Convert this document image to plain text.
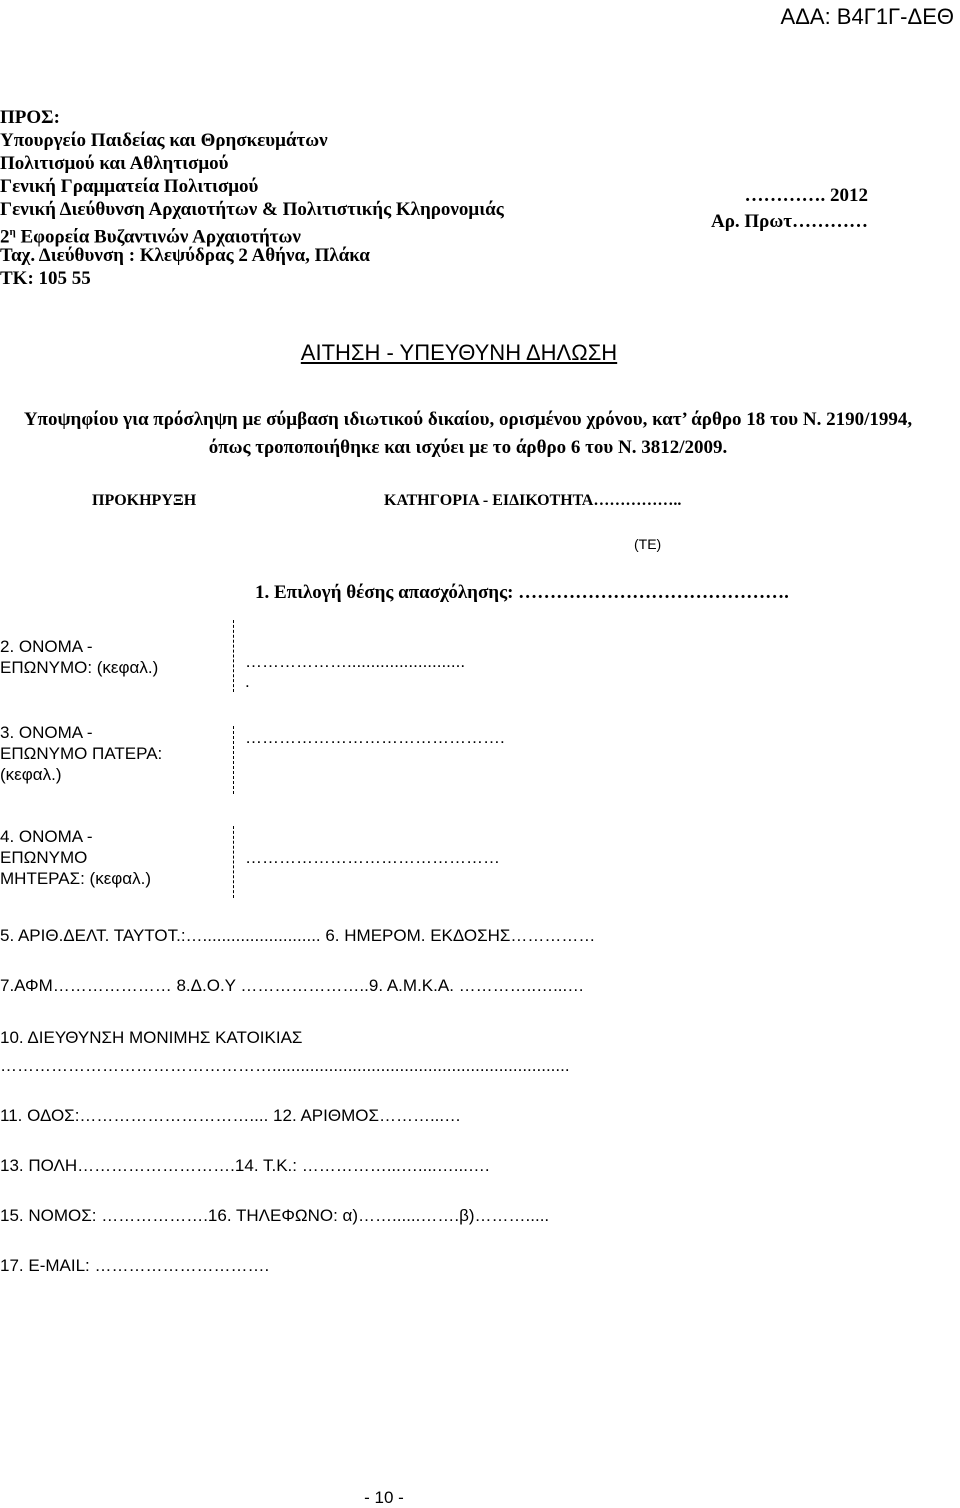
ΑΔΑ: Β4Γ1Γ-ΔΕΘ
ΠΡΟΣ:
Υπουργείο Παιδείας και Θρησκευμάτων
Πολιτισμού και Αθλητισμού
Γενική Γραμματεία Πολιτισμού
Γενική Διεύθυνση Αρχαιοτήτων & Πολιτιστικής Κληρονομιάς
$2^\eta$ Εφορεία Βυζαντινών Αρχαιοτήτων
Ταχ. Διεύθυνση : Κλεψύδρας 2 Αθήνα, Πλάκα
ΤΚ: 105 55
…………. 2012
Αρ. Πρωτ…………
ΑΙΤΗΣΗ - ΥΠΕΥΘΥΝΗ ΔΗΛΩΣΗ
Υποψηφίου για πρόσληψη με σύμβαση ιδιωτικού δικαίου, ορισμένου χρόνου, κατ’ άρθρο 18 του Ν. 2190/1994, όπως τροποποιήθηκε και ισχύει με το άρθρο 6 του Ν. 3812/2009.
ΠΡΟΚΗΡΥΞΗ	ΚΑΤΗΓΟΡΙΑ - ΕΙΔΙΚΟΤΗΤΑ……………..
(ΤΕ)
1. Επιλογή θέσης απασχόλησης: …………………………………….
2. ΟΝΟΜΑ -
ΕΠΩΝΥΜΟ: (κεφαλ.)	……………….........................
.
3. ΟΝΟΜΑ -
ΕΠΩΝΥΜΟ ΠΑΤΕΡΑ:
(κεφαλ.)
……………………………………….
4. ΟΝΟΜΑ -
ΕΠΩΝΥΜΟ
ΜΗΤΕΡΑΣ: (κεφαλ.)
………………………………………
5. ΑΡΙΘ.ΔΕΛΤ. ΤΑΥΤΟΤ.:…......................... 6. ΗΜΕΡΟΜ. ΕΚΔΟΣΗΣ……………
7.ΑΦΜ………………… 8.Δ.Ο.Υ …………………..9. Α.Μ.Κ.Α. …………..…...…
10. ΔΙΕΥΘΥΝΣΗ ΜΟΝΙΜΗΣ ΚΑΤΟΙΚΙΑΣ
…………………………………………...............................................................
11. ΟΔΟΣ:………………………….... 12. ΑΡΙΘΜΟΣ………...…
13. ΠΟΛΗ……………………….14. Τ.Κ.: ……………...…....…...….
15. ΝΟΜΟΣ: ……………….16. ΤΗΛΕΦΩΝΟ: α)……......…….β)……….....
17. E-MAIL: ………………………….
- 10 -
